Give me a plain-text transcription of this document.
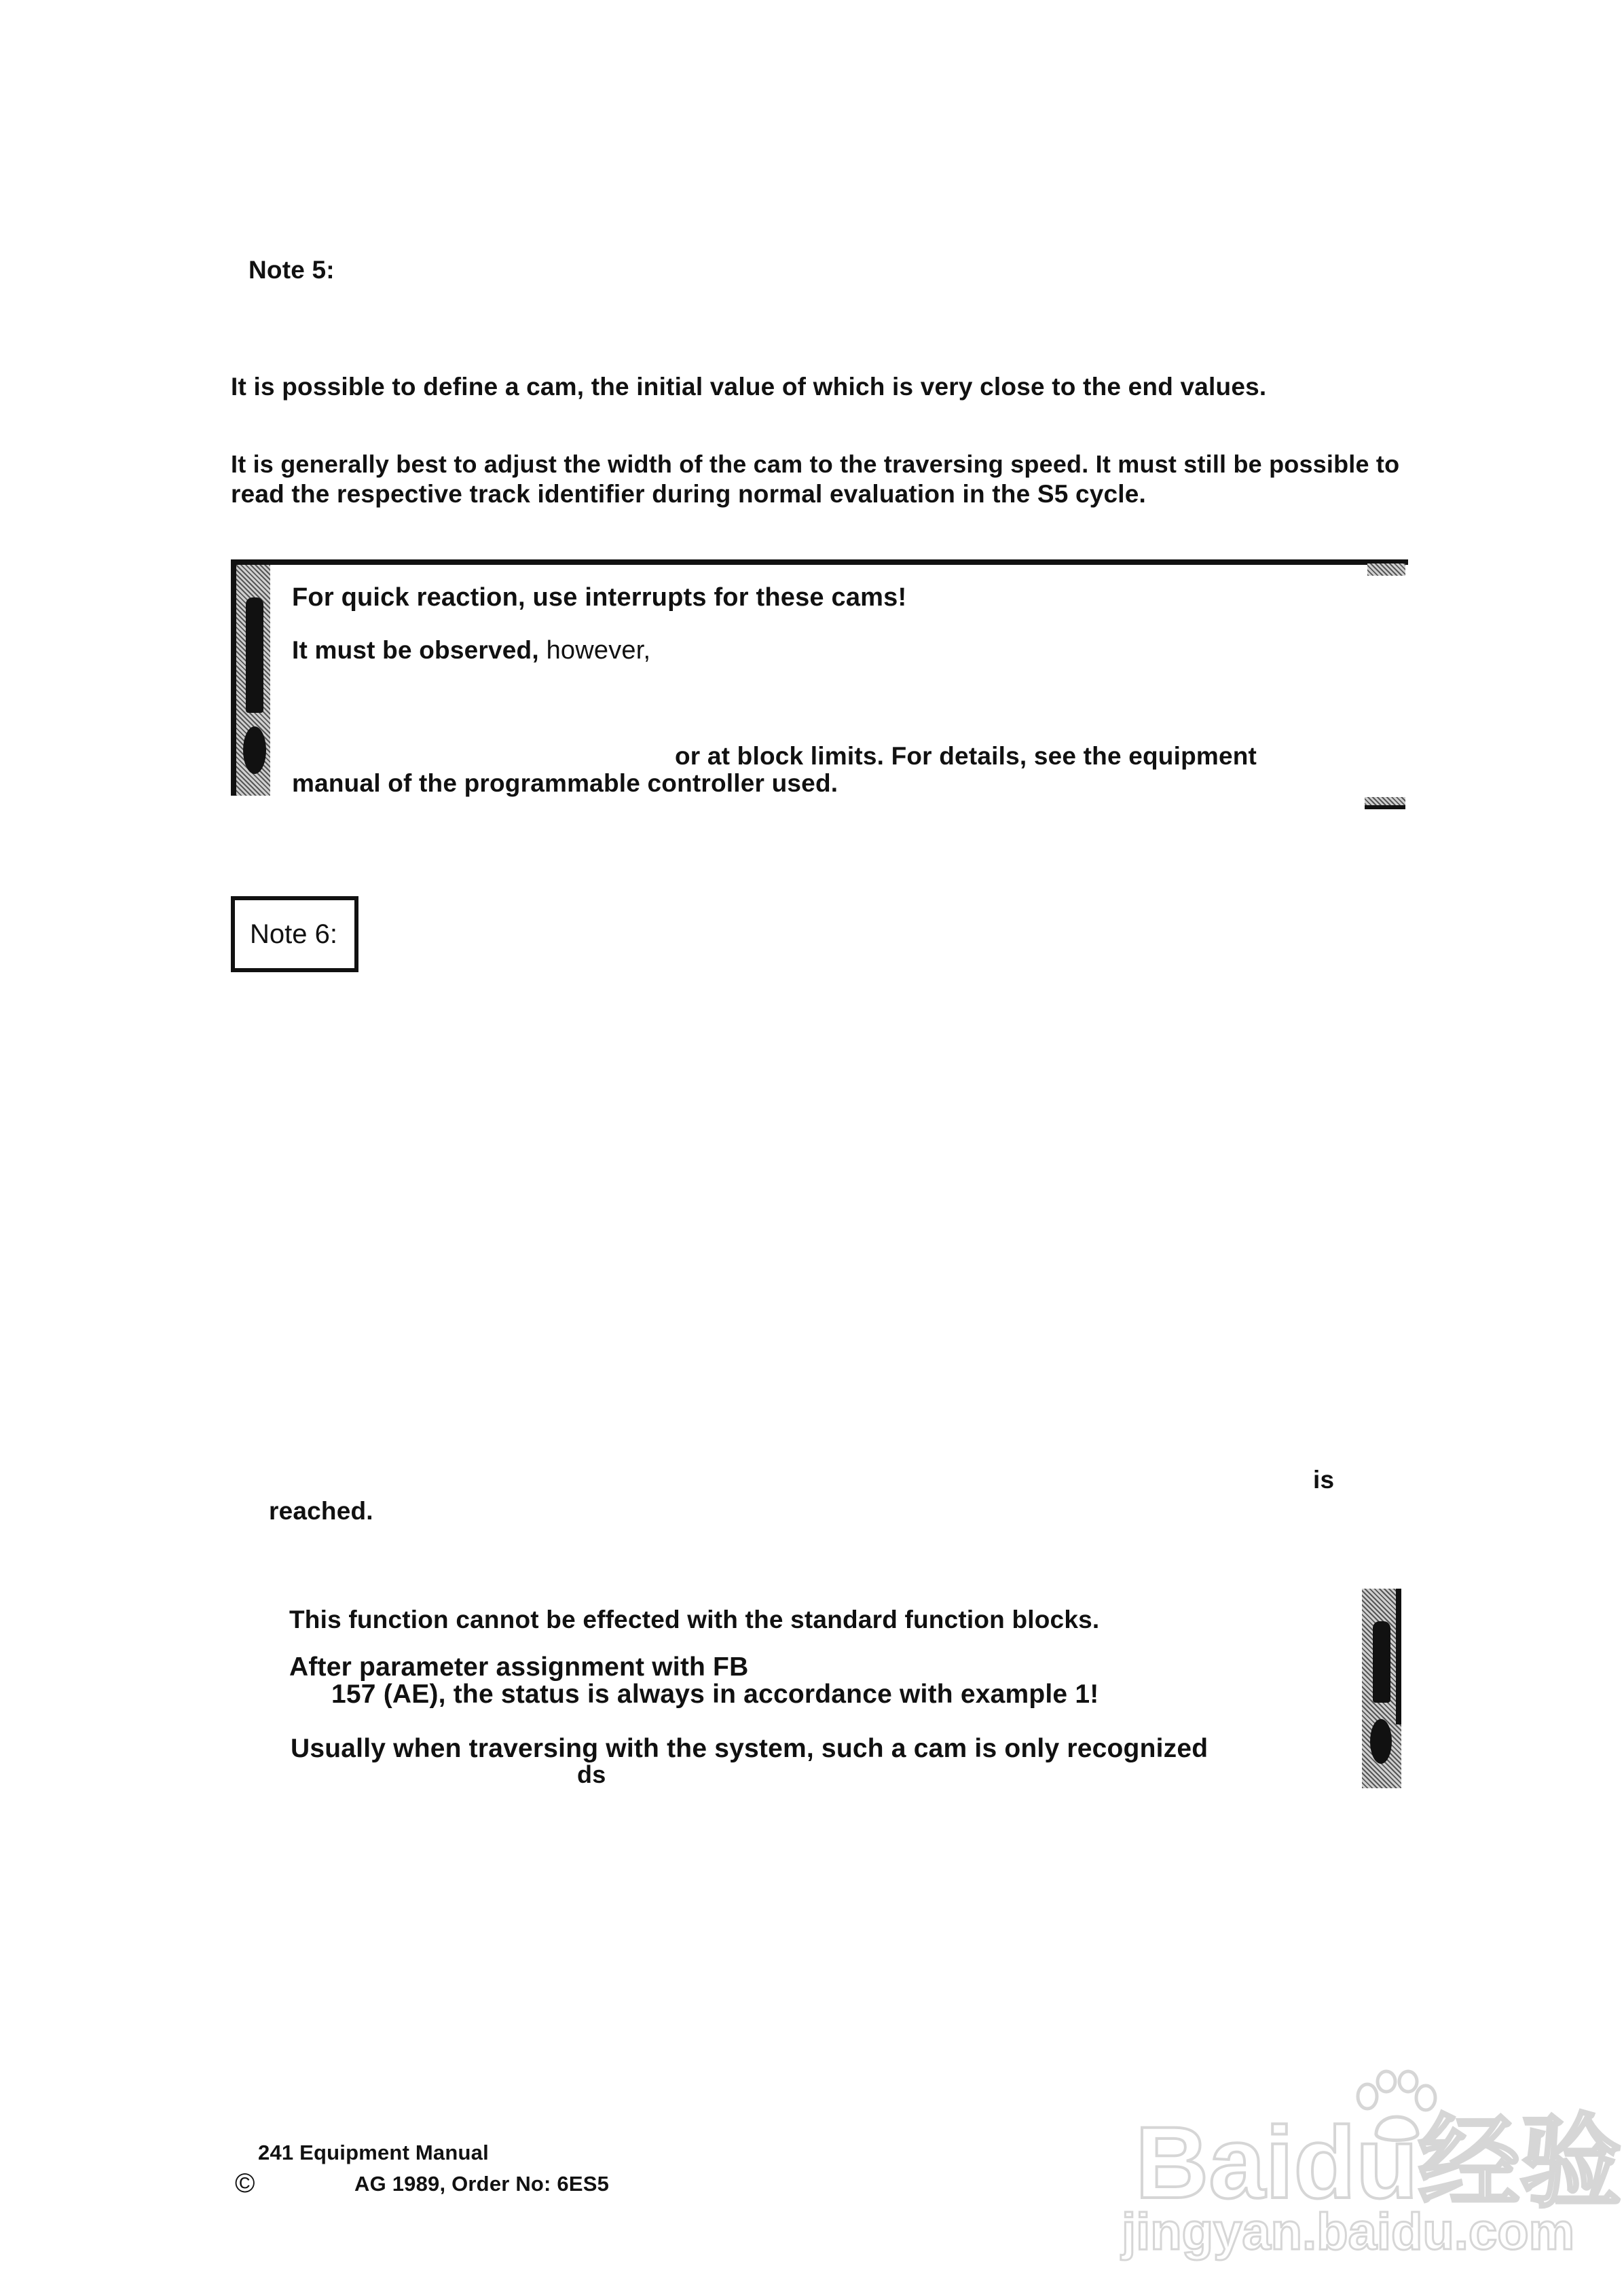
Note 5:
It is possible to define a cam, the initial value of which is very close to the end values.
It is generally best to adjust the width of the cam to the traversing speed. It must still be possible to
read the respective track identifier during normal evaluation in the S5 cycle.
For quick reaction, use interrupts for these cams!
It must be observed, however,
or at block limits. For details, see the equipment
manual of the programmable controller used.
Note 6:
is
reached.
This function cannot be effected with the standard function blocks.
After parameter assignment with FB
157 (AE), the status is always in accordance with example 1!
Usually when traversing with the system, such a cam is only recognized
ds
241 Equipment Manual
©	AG 1989, Order No: 6ES5	Baidu经验
jingyan.baidu.com
